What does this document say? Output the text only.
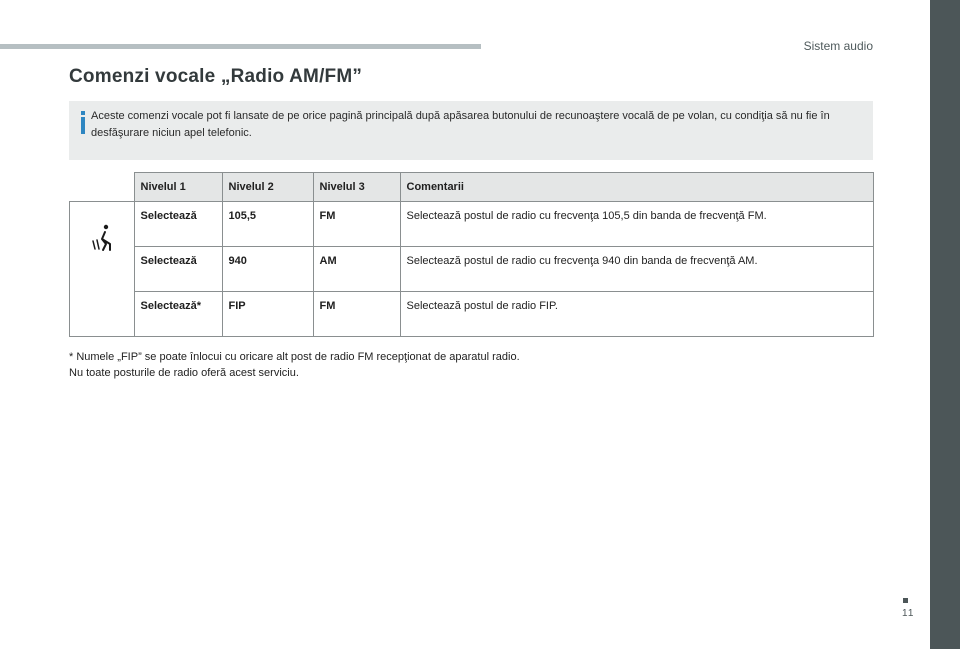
Sistem audio
Comenzi vocale „Radio AM/FM”
Aceste comenzi vocale pot fi lansate de pe orice pagină principală după apăsarea butonului de recunoaştere vocală de pe volan, cu condiţia să nu fie în desfăşurare niciun apel telefonic.
	Nivelul 1	Nivelul 2	Nivelul 3	Comentarii
	Selectează	105,5	FM	Selectează postul de radio cu frecvenţa 105,5 din banda de frecvenţă FM.
	Selectează	940	AM	Selectează postul de radio cu frecvenţa 940 din banda de frecvenţă AM.
	Selectează*	FIP	FM	Selectează postul de radio FIP.
* Numele „FIP” se poate înlocui cu oricare alt post de radio FM recepţionat de aparatul radio.
Nu toate posturile de radio oferă acest serviciu.
11
